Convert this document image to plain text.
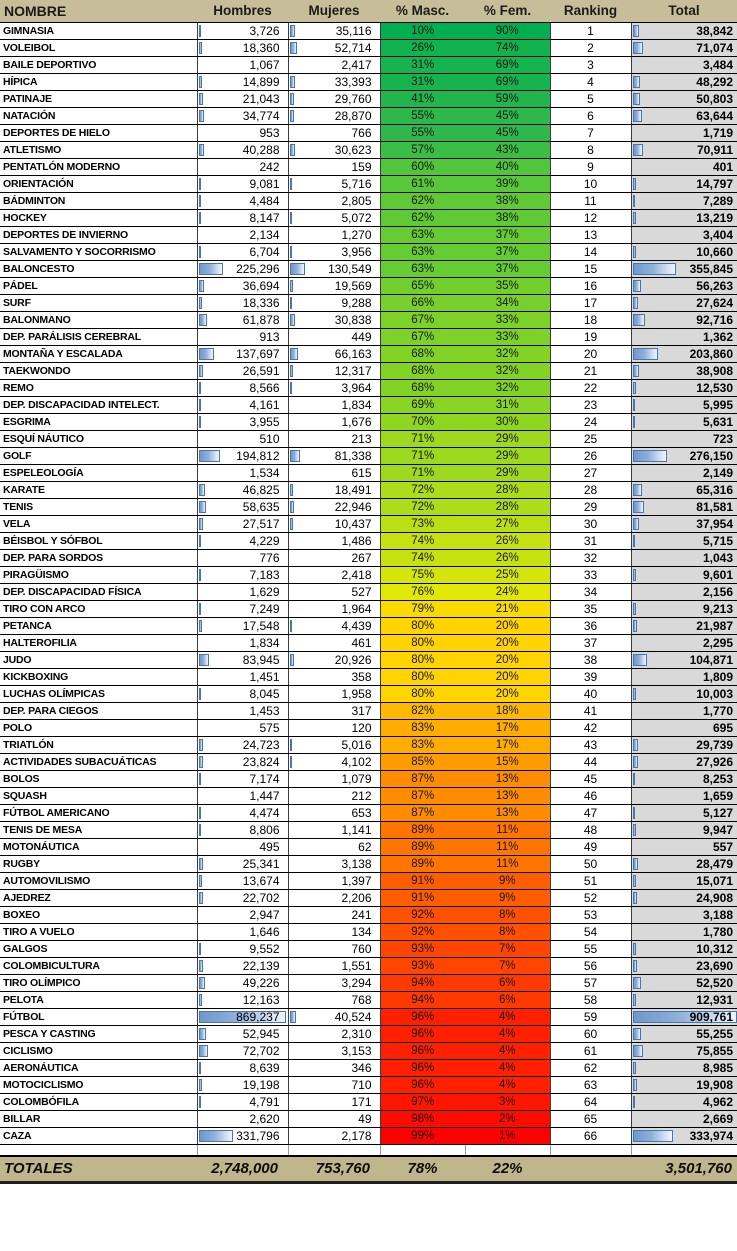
NOMBRE	Hombres	Mujeres	% Masc.	% Fem.	Ranking	Total
GIMNASIA	3,726	35,116	10%	90%	1	38,842
VOLEIBOL	18,360	52,714	26%	74%	2	71,074
BAILE DEPORTIVO	1,067	2,417	31%	69%	3	3,484
HÍPICA	14,899	33,393	31%	69%	4	48,292
PATINAJE	21,043	29,760	41%	59%	5	50,803
NATACIÓN	34,774	28,870	55%	45%	6	63,644
DEPORTES DE HIELO	953	766	55%	45%	7	1,719
ATLETISMO	40,288	30,623	57%	43%	8	70,911
PENTATLÓN MODERNO	242	159	60%	40%	9	401
ORIENTACIÓN	9,081	5,716	61%	39%	10	14,797
BÁDMINTON	4,484	2,805	62%	38%	11	7,289
HOCKEY	8,147	5,072	62%	38%	12	13,219
DEPORTES DE INVIERNO	2,134	1,270	63%	37%	13	3,404
SALVAMENTO Y SOCORRISMO	6,704	3,956	63%	37%	14	10,660
BALONCESTO	225,296	130,549	63%	37%	15	355,845
PÁDEL	36,694	19,569	65%	35%	16	56,263
SURF	18,336	9,288	66%	34%	17	27,624
BALONMANO	61,878	30,838	67%	33%	18	92,716
DEP. PARÁLISIS CEREBRAL	913	449	67%	33%	19	1,362
MONTAÑA Y ESCALADA	137,697	66,163	68%	32%	20	203,860
TAEKWONDO	26,591	12,317	68%	32%	21	38,908
REMO	8,566	3,964	68%	32%	22	12,530
DEP. DISCAPACIDAD INTELECT.	4,161	1,834	69%	31%	23	5,995
ESGRIMA	3,955	1,676	70%	30%	24	5,631
ESQUÍ NÁUTICO	510	213	71%	29%	25	723
GOLF	194,812	81,338	71%	29%	26	276,150
ESPELEOLOGÍA	1,534	615	71%	29%	27	2,149
KARATE	46,825	18,491	72%	28%	28	65,316
TENIS	58,635	22,946	72%	28%	29	81,581
VELA	27,517	10,437	73%	27%	30	37,954
BÉISBOL Y SÓFBOL	4,229	1,486	74%	26%	31	5,715
DEP. PARA SORDOS	776	267	74%	26%	32	1,043
PIRAGÜISMO	7,183	2,418	75%	25%	33	9,601
DEP. DISCAPACIDAD FÍSICA	1,629	527	76%	24%	34	2,156
TIRO CON ARCO	7,249	1,964	79%	21%	35	9,213
PETANCA	17,548	4,439	80%	20%	36	21,987
HALTEROFILIA	1,834	461	80%	20%	37	2,295
JUDO	83,945	20,926	80%	20%	38	104,871
KICKBOXING	1,451	358	80%	20%	39	1,809
LUCHAS OLÍMPICAS	8,045	1,958	80%	20%	40	10,003
DEP. PARA CIEGOS	1,453	317	82%	18%	41	1,770
POLO	575	120	83%	17%	42	695
TRIATLÓN	24,723	5,016	83%	17%	43	29,739
ACTIVIDADES SUBACUÁTICAS	23,824	4,102	85%	15%	44	27,926
BOLOS	7,174	1,079	87%	13%	45	8,253
SQUASH	1,447	212	87%	13%	46	1,659
FÚTBOL AMERICANO	4,474	653	87%	13%	47	5,127
TENIS DE MESA	8,806	1,141	89%	11%	48	9,947
MOTONÁUTICA	495	62	89%	11%	49	557
RUGBY	25,341	3,138	89%	11%	50	28,479
AUTOMOVILISMO	13,674	1,397	91%	9%	51	15,071
AJEDREZ	22,702	2,206	91%	9%	52	24,908
BOXEO	2,947	241	92%	8%	53	3,188
TIRO A VUELO	1,646	134	92%	8%	54	1,780
GALGOS	9,552	760	93%	7%	55	10,312
COLOMBICULTURA	22,139	1,551	93%	7%	56	23,690
TIRO OLÍMPICO	49,226	3,294	94%	6%	57	52,520
PELOTA	12,163	768	94%	6%	58	12,931
FÚTBOL	869,237	40,524	96%	4%	59	909,761
PESCA Y CASTING	52,945	2,310	96%	4%	60	55,255
CICLISMO	72,702	3,153	96%	4%	61	75,855
AERONÁUTICA	8,639	346	96%	4%	62	8,985
MOTOCICLISMO	19,198	710	96%	4%	63	19,908
COLOMBÓFILA	4,791	171	97%	3%	64	4,962
BILLAR	2,620	49	98%	2%	65	2,669
CAZA	331,796	2,178	99%	1%	66	333,974

TOTALES	2,748,000	753,760	78%	22%		3,501,760
